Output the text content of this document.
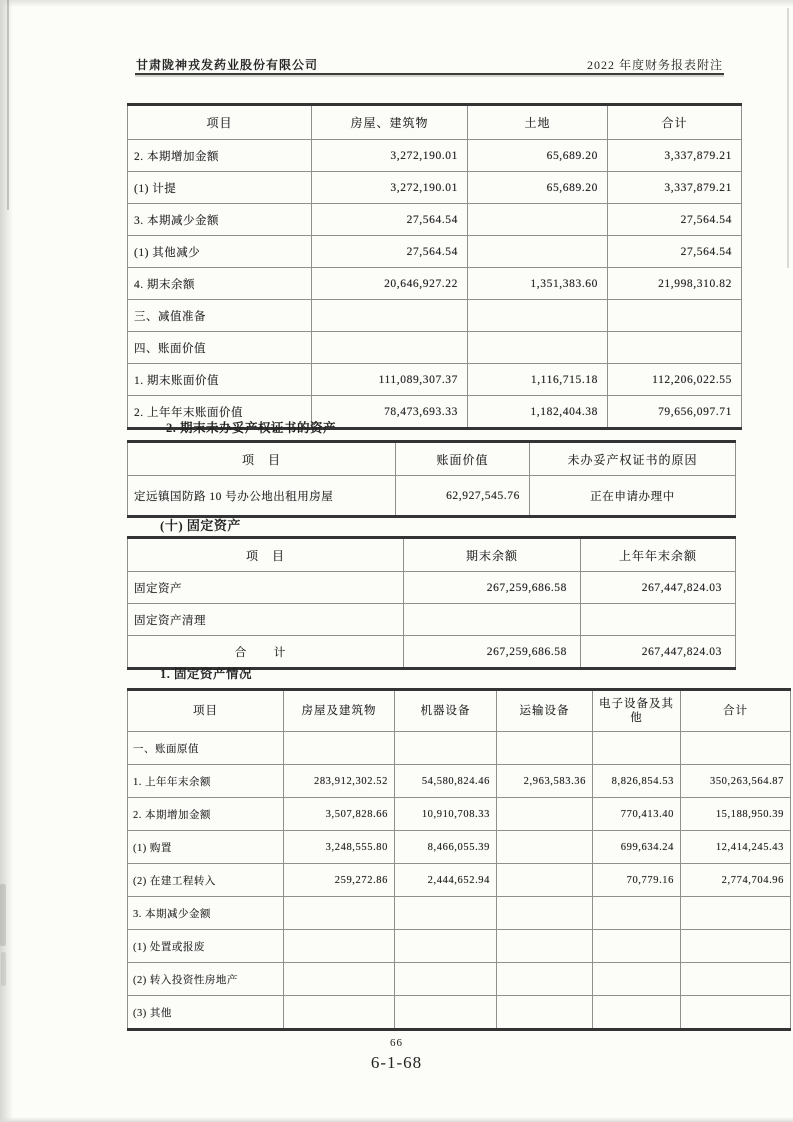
甘肃陇神戎发药业股份有限公司	2022 年度财务报表附注
项目	房屋、建筑物	土地	合计
2. 本期增加金额	3,272,190.01	65,689.20	3,337,879.21
(1) 计提	3,272,190.01	65,689.20	3,337,879.21
3. 本期减少金额	27,564.54		27,564.54
(1) 其他减少	27,564.54		27,564.54
4. 期末余额	20,646,927.22	1,351,383.60	21,998,310.82
三、减值准备			
四、账面价值			
1. 期末账面价值	111,089,307.37	1,116,715.18	112,206,022.55
2. 上年年末账面价值	78,473,693.33	1,182,404.38	79,656,097.71
2. 期末未办妥产权证书的资产
项　目	账面价值	未办妥产权证书的原因
定远镇国防路 10 号办公地出租用房屋	62,927,545.76	正在申请办理中
(十) 固定资产
项　目	期末余额	上年年末余额
固定资产	267,259,686.58	267,447,824.03
固定资产清理		
合　计	267,259,686.58	267,447,824.03
1. 固定资产情况
项目	房屋及建筑物	机器设备	运输设备	电子设备及其他	合计
一、账面原值					
1. 上年年末余额	283,912,302.52	54,580,824.46	2,963,583.36	8,826,854.53	350,263,564.87
2. 本期增加金额	3,507,828.66	10,910,708.33		770,413.40	15,188,950.39
(1) 购置	3,248,555.80	8,466,055.39		699,634.24	12,414,245.43
(2) 在建工程转入	259,272.86	2,444,652.94		70,779.16	2,774,704.96
3. 本期减少金额					
(1) 处置或报废					
(2) 转入投资性房地产					
(3) 其他					
66
6-1-68
